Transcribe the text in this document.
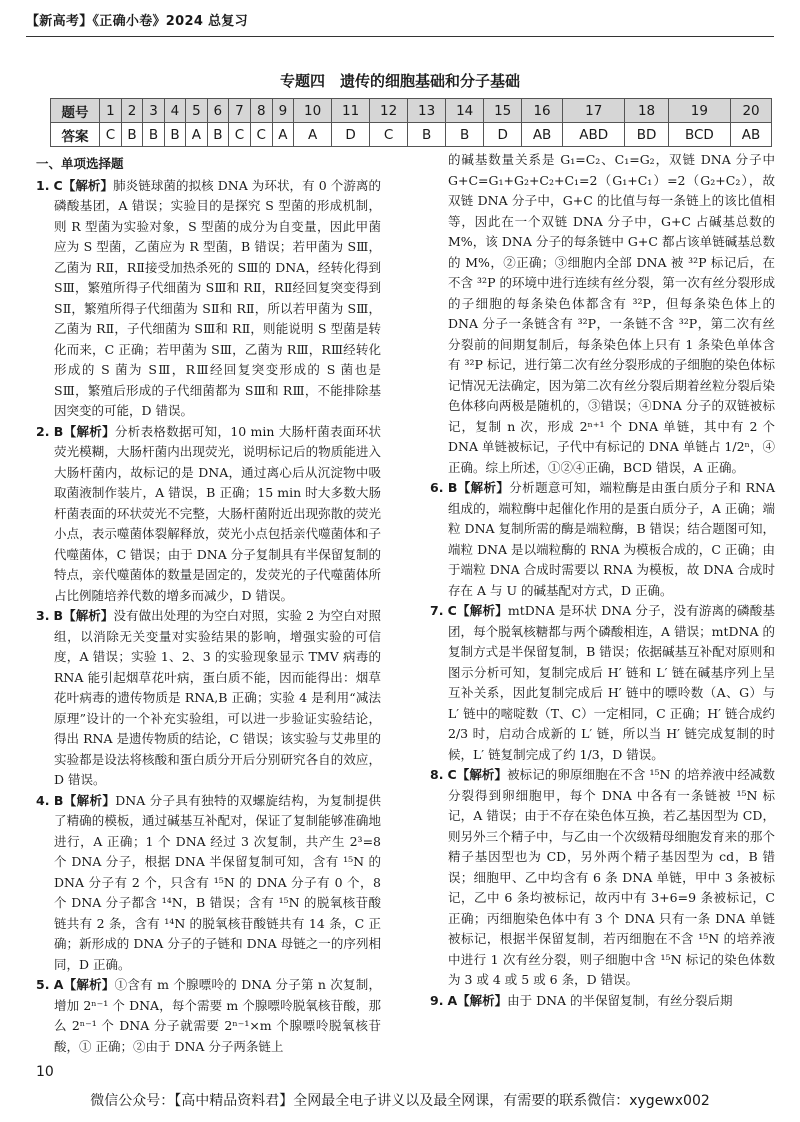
【新高考】《正确小卷》2024 总复习
专题四　遗传的细胞基础和分子基础
题号	1	2	3	4	5	6	7	8	9	10	11	12	13	14	15	16	17	18	19	20
答案	C	B	B	B	A	B	C	C	A	A	D	C	B	B	D	AB	ABD	BD	BCD	AB
一、单项选择题

1. C【解析】肺炎链球菌的拟核 DNA 为环状，有 0 个游离的磷酸基团，A 错误；实验目的是探究 S 型菌的形成机制，则 R 型菌为实验对象，S 型菌的成分为自变量，因此甲菌应为 S 型菌，乙菌应为 R 型菌，B 错误；若甲菌为 SⅢ，乙菌为 RⅡ，RⅡ接受加热杀死的 SⅢ的 DNA，经转化得到 SⅢ，繁殖所得子代细菌为 SⅢ和 RⅡ，RⅡ经回复突变得到 SⅡ，繁殖所得子代细菌为 SⅡ和 RⅡ，所以若甲菌为 SⅢ，乙菌为 RⅡ，子代细菌为 SⅢ和 RⅡ，则能说明 S 型菌是转化而来，C 正确；若甲菌为 SⅢ，乙菌为 RⅢ，RⅢ经转化形成的 S 菌为 SⅢ，RⅢ经回复突变形成的 S 菌也是 SⅢ，繁殖后形成的子代细菌都为 SⅢ和 RⅢ，不能排除基因突变的可能，D 错误。

2. B【解析】分析表格数据可知，10 min 大肠杆菌表面环状荧光模糊，大肠杆菌内出现荧光，说明标记后的物质能进入大肠杆菌内，故标记的是 DNA，通过离心后从沉淀物中吸取菌液制作装片，A 错误，B 正确；15 min 时大多数大肠杆菌表面的环状荧光不完整，大肠杆菌附近出现弥散的荧光小点，表示噬菌体裂解释放，荧光小点包括亲代噬菌体和子代噬菌体，C 错误；由于 DNA 分子复制具有半保留复制的特点，亲代噬菌体的数量是固定的，发荧光的子代噬菌体所占比例随培养代数的增多而减少，D 错误。

3. B【解析】没有做出处理的为空白对照，实验 2 为空白对照组，以消除无关变量对实验结果的影响，增强实验的可信度，A 错误；实验 1、2、3 的实验现象显示 TMV 病毒的 RNA 能引起烟草花叶病，蛋白质不能，因而能得出：烟草花叶病毒的遗传物质是 RNA,B 正确；实验 4 是利用“减法原理”设计的一个补充实验组，可以进一步验证实验结论，得出 RNA 是遗传物质的结论，C 错误；该实验与艾弗里的实验都是设法将核酸和蛋白质分开后分别研究各自的效应，D 错误。

4. B【解析】DNA 分子具有独特的双螺旋结构，为复制提供了精确的模板，通过碱基互补配对，保证了复制能够准确地进行，A 正确；1 个 DNA 经过 3 次复制，共产生 2³=8 个 DNA 分子，根据 DNA 半保留复制可知，含有 ¹⁵N 的 DNA 分子有 2 个，只含有 ¹⁵N 的 DNA 分子有 0 个，8 个 DNA 分子都含 ¹⁴N，B 错误；含有 ¹⁵N 的脱氧核苷酸链共有 2 条，含有 ¹⁴N 的脱氧核苷酸链共有 14 条，C 正确；新形成的 DNA 分子的子链和 DNA 母链之一的序列相同，D 正确。

5. A【解析】①含有 m 个腺嘌呤的 DNA 分子第 n 次复制，增加 2ⁿ⁻¹ 个 DNA，每个需要 m 个腺嘌呤脱氧核苷酸，那么 2ⁿ⁻¹ 个 DNA 分子就需要 2ⁿ⁻¹×m 个腺嘌呤脱氧核苷酸，① 正确；②由于 DNA 分子两条链上

的碱基数量关系是 G₁=C₂、C₁=G₂，双链 DNA 分子中 G+C=G₁+G₂+C₂+C₁=2（G₁+C₁）=2（G₂+C₂），故双链 DNA 分子中，G+C 的比值与每一条链上的该比值相等，因此在一个双链 DNA 分子中，G+C 占碱基总数的 M%，该 DNA 分子的每条链中 G+C 都占该单链碱基总数的 M%，②正确；③细胞内全部 DNA 被 ³²P 标记后，在不含 ³²P 的环境中进行连续有丝分裂，第一次有丝分裂形成的子细胞的每条染色体都含有 ³²P，但每条染色体上的 DNA 分子一条链含有 ³²P，一条链不含 ³²P，第二次有丝分裂前的间期复制后，每条染色体上只有 1 条染色单体含有 ³²P 标记，进行第二次有丝分裂形成的子细胞的染色体标记情况无法确定，因为第二次有丝分裂后期着丝粒分裂后染色体移向两极是随机的，③错误；④DNA 分子的双链被标记，复制 n 次，形成 2ⁿ⁺¹ 个 DNA 单链，其中有 2 个 DNA 单链被标记，子代中有标记的 DNA 单链占 1/2ⁿ，④正确。综上所述，①②④正确，BCD 错误，A 正确。

6. B【解析】分析题意可知，端粒酶是由蛋白质分子和 RNA 组成的，端粒酶中起催化作用的是蛋白质分子，A 正确；端粒 DNA 复制所需的酶是端粒酶，B 错误；结合题图可知，端粒 DNA 是以端粒酶的 RNA 为模板合成的，C 正确；由于端粒 DNA 合成时需要以 RNA 为模板，故 DNA 合成时存在 A 与 U 的碱基配对方式，D 正确。

7. C【解析】mtDNA 是环状 DNA 分子，没有游离的磷酸基团，每个脱氧核糖都与两个磷酸相连，A 错误；mtDNA 的复制方式是半保留复制，B 错误；依据碱基互补配对原则和图示分析可知，复制完成后 H′ 链和 L′ 链在碱基序列上呈互补关系，因此复制完成后 H′ 链中的嘌呤数（A、G）与 L′ 链中的嘧啶数（T、C）一定相同，C 正确；H′ 链合成约 2/3 时，启动合成新的 L′ 链，所以当 H′ 链完成复制的时候，L′ 链复制完成了约 1/3，D 错误。

8. C【解析】被标记的卵原细胞在不含 ¹⁵N 的培养液中经减数分裂得到卵细胞甲，每个 DNA 中各有一条链被 ¹⁵N 标记，A 错误；由于不存在染色体互换，若乙基因型为 CD，则另外三个精子中，与乙由一个次级精母细胞发育来的那个精子基因型也为 CD，另外两个精子基因型为 cd，B 错误；细胞甲、乙中均含有 6 条 DNA 单链，甲中 3 条被标记，乙中 6 条均被标记，故丙中有 3+6=9 条被标记，C 正确；丙细胞染色体中有 3 个 DNA 只有一条 DNA 单链被标记，根据半保留复制，若丙细胞在不含 ¹⁵N 的培养液中进行 1 次有丝分裂，则子细胞中含 ¹⁵N 标记的染色体数为 3 或 4 或 5 或 6 条，D 错误。

9. A【解析】由于 DNA 的半保留复制，有丝分裂后期

10
微信公众号：【高中精品资料君】全网最全电子讲义以及最全网课，有需要的联系微信：xygewx002
